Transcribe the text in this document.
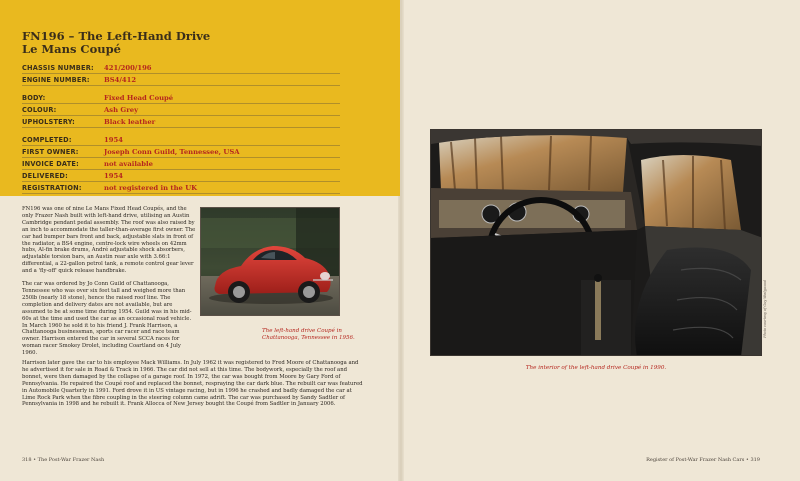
FN196 – The Left-Hand Drive
Le Mans Coupé
CHASSIS NUMBER:	421/200/196
ENGINE NUMBER:	BS4/412
BODY:	Fixed Head Coupé
COLOUR:	Ash Grey
UPHOLSTERY:	Black leather
COMPLETED:	1954
FIRST OWNER:	Joseph Conn Guild, Tennessee, USA
INVOICE DATE:	not available
DELIVERED:	1954
REGISTRATION:	not registered in the UK

FN196 was one of nine Le Mans Fixed Head Coupés, and the only Frazer Nash built with left-hand drive, utilising an Austin Cambridge pendant pedal assembly. The roof was also raised by an inch to accommodate the taller-than-average first owner. The car had bumper bars front and back, adjustable slats in front of the radiator, a BS4 engine, centre-lock wire wheels on 42mm hubs, Al-fin brake drums, André adjustable shock absorbers, adjustable torsion bars, an Austin rear axle with 3.66:1 differential, a 22-gallon petrol tank, a remote control gear lever and a 'fly-off' quick release handbrake.

The car was ordered by Jo Conn Guild of Chattanooga, Tennessee who was over six feet tall and weighed more than 250lb (nearly 18 stone), hence the raised roof line. The completion and delivery dates are not available, but are assumed to be at some time during 1954. Guild was in his mid-60s at the time and used the car as an occasional road vehicle. In March 1960 he sold it to his friend J. Frank Harrison, a Chattanooga businessman, sports car racer and race team owner. Harrison entered the car in several SCCA races for woman racer Smokey Drolet, including Coartland on 4 July 1960.

Harrison later gave the car to his employee Mack Williams. In July 1962 it was registered to Fred Moore of Chattanooga and he advertised it for sale in Road & Track in 1966. The car did not sell at this time. The bodywork, especially the roof and bonnet, were then damaged by the collapse of a garage roof. In 1972, the car was bought from Moore by Gary Ford of Pennsylvania. He repaired the Coupé roof and replaced the bonnet, respraying the car dark blue. The rebuilt car was featured in Automobile Quarterly in 1991. Ford drove it in US vintage racing, but in 1996 he crashed and badly damaged the car at Lime Rock Park when the fibre coupling in the steering column came adrift. The car was purchased by Sandy Sadtler of Pennsylvania in 1998 and he rebuilt it. Frank Allocca of New Jersey bought the Coupé from Sadtler in January 2006.

The left-hand drive Coupé in Chattanooga, Tennessee in 1956.
Photo courtesy of Guy Wedgwood
The interior of the left-hand drive Coupé in 1990.
318 • The Post-War Frazer Nash	Register of Post-War Frazer Nash Cars • 319
